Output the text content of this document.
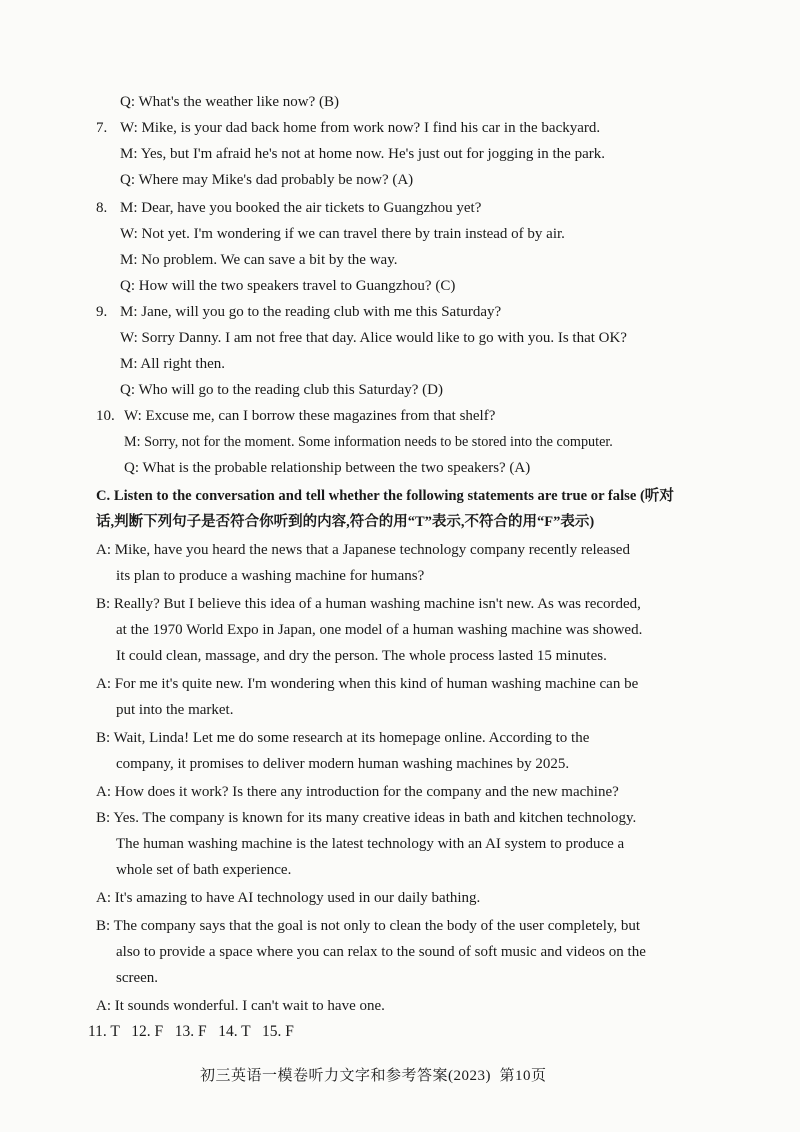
Q: What's the weather like now? (B)
7. W: Mike, is your dad back home from work now? I find his car in the backyard.
M: Yes, but I'm afraid he's not at home now. He's just out for jogging in the park.
Q: Where may Mike's dad probably be now? (A)
8. M: Dear, have you booked the air tickets to Guangzhou yet?
W: Not yet. I'm wondering if we can travel there by train instead of by air.
M: No problem. We can save a bit by the way.
Q: How will the two speakers travel to Guangzhou? (C)
9. M: Jane, will you go to the reading club with me this Saturday?
W: Sorry Danny. I am not free that day. Alice would like to go with you. Is that OK?
M: All right then.
Q: Who will go to the reading club this Saturday? (D)
10. W: Excuse me, can I borrow these magazines from that shelf?
M: Sorry, not for the moment. Some information needs to be stored into the computer.
Q: What is the probable relationship between the two speakers? (A)
C. Listen to the conversation and tell whether the following statements are true or false (听对
话,判断下列句子是否符合你听到的内容,符合的用“T”表示,不符合的用“F”表示)
A: Mike, have you heard the news that a Japanese technology company recently released
its plan to produce a washing machine for humans?
B: Really? But I believe this idea of a human washing machine isn't new. As was recorded,
at the 1970 World Expo in Japan, one model of a human washing machine was showed.
It could clean, massage, and dry the person. The whole process lasted 15 minutes.
A: For me it's quite new. I'm wondering when this kind of human washing machine can be
put into the market.
B: Wait, Linda! Let me do some research at its homepage online. According to the
company, it promises to deliver modern human washing machines by 2025.
A: How does it work? Is there any introduction for the company and the new machine?
B: Yes. The company is known for its many creative ideas in bath and kitchen technology.
The human washing machine is the latest technology with an AI system to produce a
whole set of bath experience.
A: It's amazing to have AI technology used in our daily bathing.
B: The company says that the goal is not only to clean the body of the user completely, but
also to provide a space where you can relax to the sound of soft music and videos on the
screen.
A: It sounds wonderful. I can't wait to have one.
11. T   12. F   13. F   14. T   15. F
初三英语一模卷听力文字和参考答案(2023)  第10页
